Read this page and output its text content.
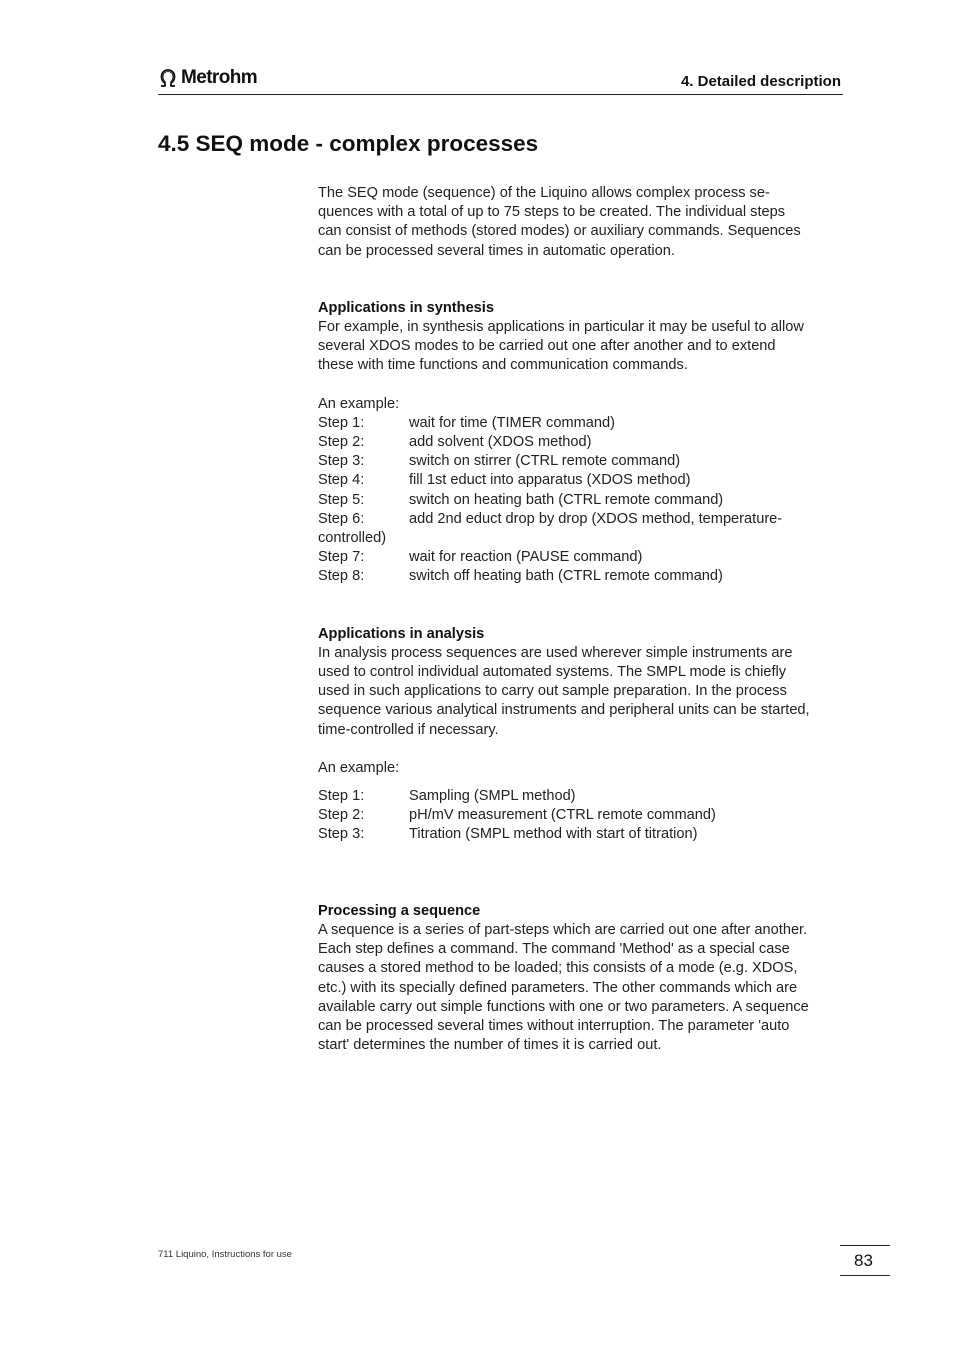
Metrohm	4. Detailed description
4.5 SEQ mode - complex processes

The SEQ mode (sequence) of the Liquino allows complex process se-
quences with a total of up to 75 steps to be created. The individual steps
can consist of methods (stored modes) or auxiliary commands. Sequences
can be processed several times in automatic operation.

Applications in synthesis

For example, in synthesis applications in particular it may be useful to allow
several XDOS modes to be carried out one after another and to extend
these with time functions and communication commands.

An example:

Step 1:	wait for time (TIMER command)
Step 2:	add solvent (XDOS method)
Step 3:	switch on stirrer (CTRL remote command)
Step 4:	fill 1st educt into apparatus (XDOS method)
Step 5:	switch on heating bath (CTRL remote command)
Step 6:	add 2nd educt drop by drop (XDOS method, temperature-
controlled)
Step 7:	wait for reaction (PAUSE command)
Step 8:	switch off heating bath (CTRL remote command)

Applications in analysis

In analysis process sequences are used wherever simple instruments are
used to control individual automated systems. The SMPL mode is chiefly
used in such applications to carry out sample preparation. In the process
sequence various analytical instruments and peripheral units can be started,
time-controlled if necessary.

An example:

Step 1:	Sampling (SMPL method)
Step 2:	pH/mV measurement (CTRL remote command)
Step 3:	Titration (SMPL method with start of titration)

Processing a sequence

A sequence is a series of part-steps which are carried out one after another.
Each step defines a command. The command 'Method' as a special case
causes a stored method to be loaded; this consists of a mode (e.g. XDOS,
etc.) with its specially defined parameters. The other commands which are
available carry out simple functions with one or two parameters. A sequence
can be processed several times without interruption. The parameter 'auto
start' determines the number of times it is carried out.

711 Liquino, Instructions for use	83
